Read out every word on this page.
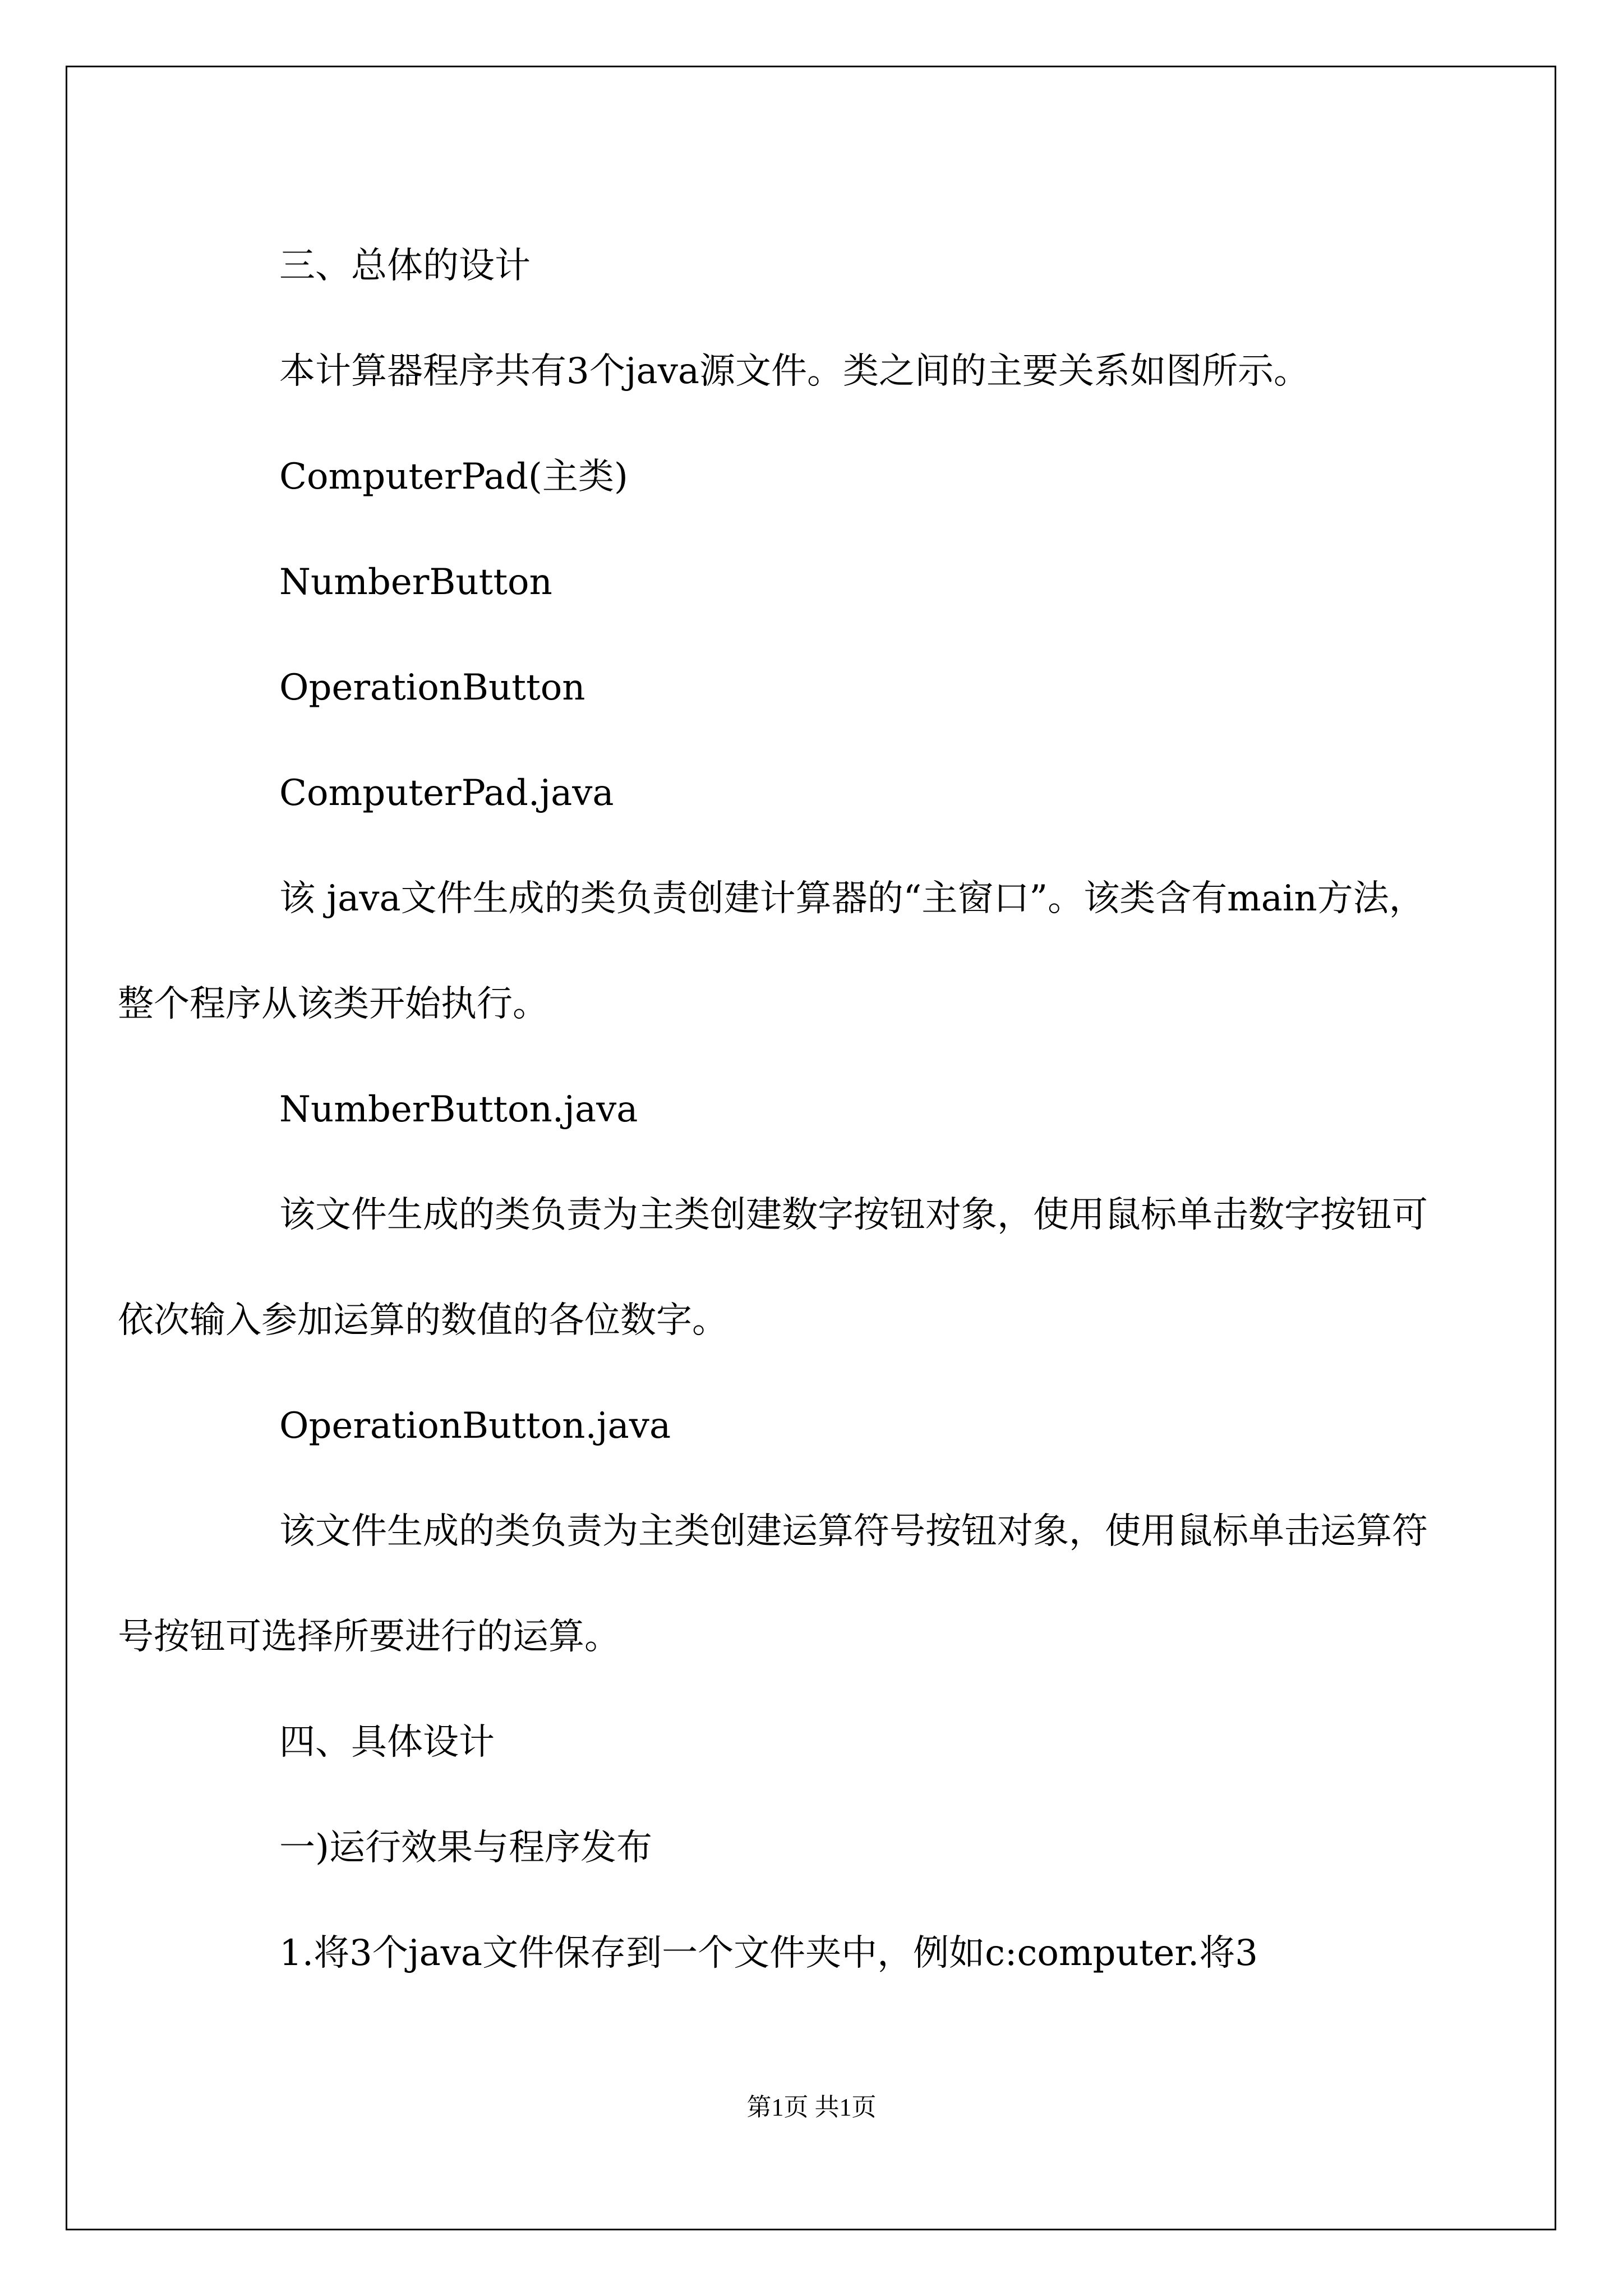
三、总体的设计

本计算器程序共有3个java源文件。类之间的主要关系如图所示。

ComputerPad(主类)

NumberButton

OperationButton

ComputerPad.java

该 java文件生成的类负责创建计算器的“主窗口”。该类含有main方法，整个程序从该类开始执行。

NumberButton.java

该文件生成的类负责为主类创建数字按钮对象，使用鼠标单击数字按钮可依次输入参加运算的数值的各位数字。

OperationButton.java

该文件生成的类负责为主类创建运算符号按钮对象，使用鼠标单击运算符号按钮可选择所要进行的运算。

四、具体设计

一)运行效果与程序发布

1.将3个java文件保存到一个文件夹中，例如c:computer.将3

第1页 共1页
